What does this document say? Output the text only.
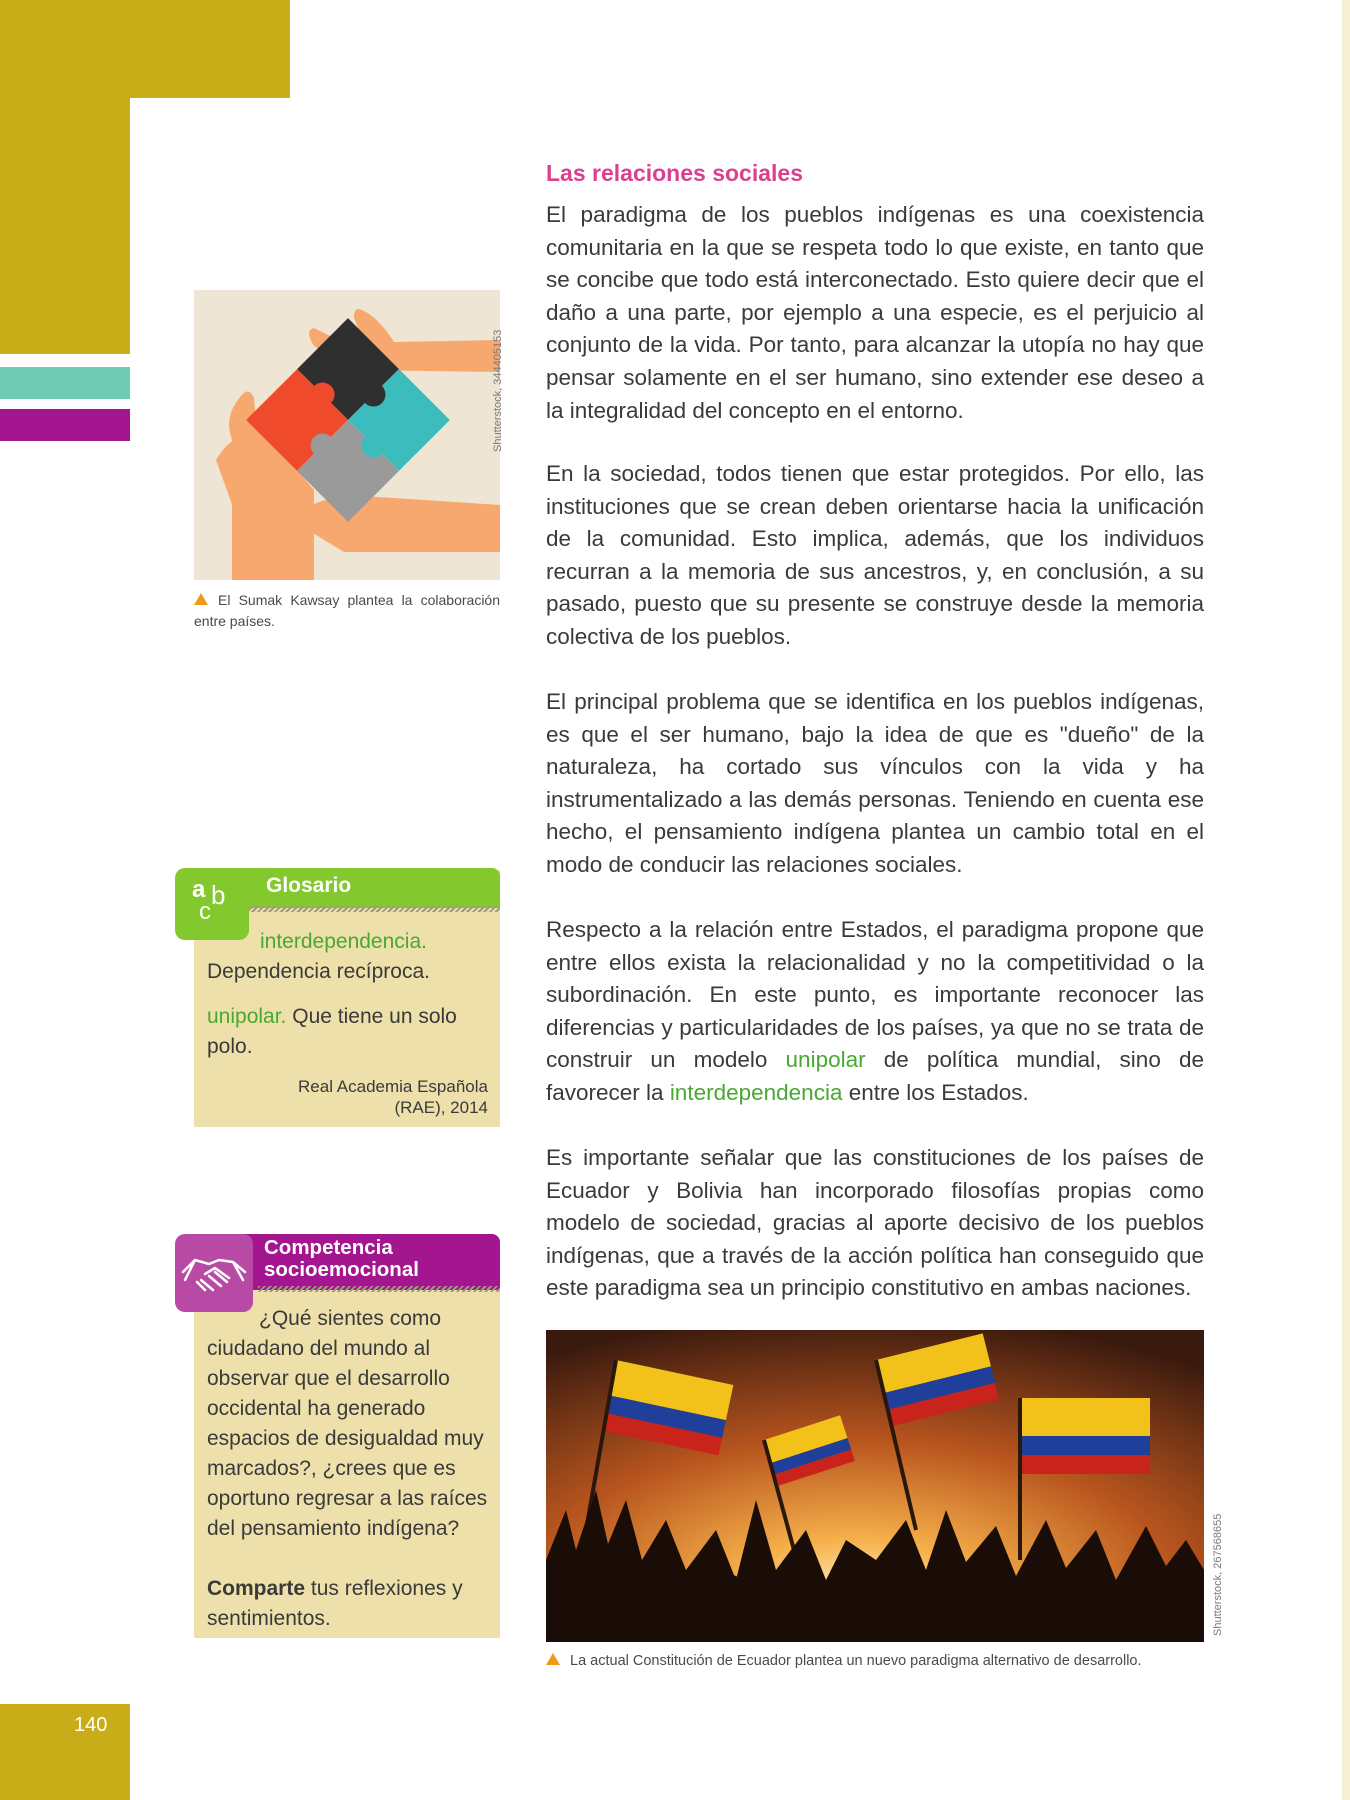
140
Las relaciones sociales

El paradigma de los pueblos indígenas es una coexistencia comunitaria en la que se respeta todo lo que existe, en tanto que se concibe que todo está interconectado. Esto quiere decir que el daño a una parte, por ejemplo a una especie, es el perjuicio al conjunto de la vida. Por tanto, para alcanzar la utopía no hay que pensar solamente en el ser humano, sino extender ese deseo a la integralidad del concepto en el entorno.

En la sociedad, todos tienen que estar protegidos. Por ello, las instituciones que se crean deben orientarse hacia la unificación de la comunidad. Esto implica, además, que los individuos recurran a la memoria de sus ancestros, y, en conclusión, a su pasado, puesto que su presente se construye desde la memoria colectiva de los pueblos.

El principal problema que se identifica en los pueblos indígenas, es que el ser humano, bajo la idea de que es "dueño" de la naturaleza, ha cortado sus vínculos con la vida y ha instrumentalizado a las demás personas. Teniendo en cuenta ese hecho, el pensamiento indígena plantea un cambio total en el modo de conducir las relaciones sociales.

Respecto a la relación entre Estados, el paradigma propone que entre ellos exista la relacionalidad y no la competitividad o la subordinación. En este punto, es importante reconocer las diferencias y particularidades de los países, ya que no se trata de construir un modelo unipolar de política mundial, sino de favorecer la interdependencia entre los Estados.

Es importante señalar que las constituciones de los países de Ecuador y Bolivia han incorporado filosofías propias como modelo de sociedad, gracias al aporte decisivo de los pueblos indígenas, que a través de la acción política han conseguido que este paradigma sea un principio constitutivo en ambas naciones.

Shutterstock, 344405153
El Sumak Kawsay plantea la colaboración entre países.
a b
c
Glosario
interdependencia.
Dependencia recíproca.
unipolar. Que tiene un solo polo.
Real Academia Española
(RAE), 2014
Competencia
socioemocional
¿Qué sientes como ciudadano del mundo al observar que el desarrollo occidental ha generado espacios de desigualdad muy marcados?, ¿crees que es oportuno regresar a las raíces del pensamiento indígena?
Comparte tus reflexiones y sentimientos.	Shutterstock, 267568655
La actual Constitución de Ecuador plantea un nuevo paradigma alternativo de desarrollo.
